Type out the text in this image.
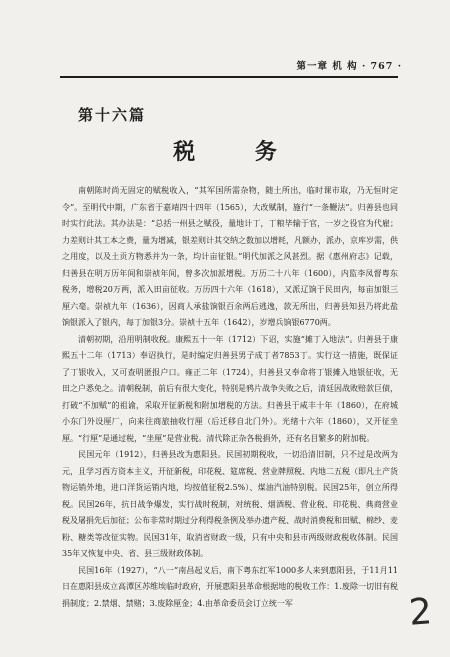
第一章 机 构 · 767 ·
第十六篇
税 务

南朝陈时尚无固定的赋税收入，“其军国所需杂物，随土所出，临时课市取，乃无恒时定令”。至明代中期，广东省于嘉靖四十四年（1565），大改赋制，施行“一条鞭法”。归善县也同时实行此法。其办法是：“总括一州县之赋役，量地计丁，丁粮毕输于官，一岁之役官为代雇；力差则计其工本之费，量为增减，银差则计其交纳之数加以增耗，凡额办，派办，京库岁需，供之用度，以及土贡方物悉并为一条，均计亩征银。”明代加派之风甚烈。据《惠州府志》记载，归善县在明万历年间和崇祯年间，曾多次加派增税。万历二十八年（1600），内监李凤督粤东税务，增税20万两，派入田亩征收。万历四十六年（1618），又派辽饷于民田内，每亩加银三厘六毫。崇祯九年（1636），因商人承盐饷银百余两后逃逸，款无所出，归善县知县乃将此盐饷银派入了银内，每丁加银3分。崇祯十五年（1642），岁增兵饷银6770两。

清朝初期，沿用明制收税。康熙五十一年（1712）下诏，实施“摊丁入地法”。归善县于康熙五十二年（1713）奉诏执行，是时编定归善县男子成丁者7853丁。实行这一措施，既保证了丁银收入，又可查明匿报户口。雍正二年（1724），归善县又奉命将丁银摊入地银征收，无田之户悉免之。清朝税制，前后有很大变化，特别是鸦片战争失败之后，清廷因战败赔款巨债，打破“不加赋”的祖谕，采取开征新税和附加增税的方法。归善县于咸丰十年（1860），在府城小东门外设厘厂，向来往商旅抽收行厘（后迁移自北门外）。光绪十六年（1860），又开征坐厘。“行厘”是通过税，“坐厘”是营业税。清代除正杂各税捐外，还有名目繁多的附加税。

民国元年（1912），归善县改为惠阳县。民国初期税收，一切沿清旧制，只不过是改两为元，且学习西方资本主义，开征新税，印花税、筵席税、营业牌照税、内地二五税（即凡土产货物运销外地，进口洋货运销内地，均按值征税2.5%）、煤油汽油特别税。民国25年，创立所得税。民国26年，抗日战争爆发，实行战时税制，对统税、烟酒税、营业税、印花税、典商营业税及屠捐先后加征；公布非常时期过分利得税条例及举办遗产税、战时消费税和田赋、棉纱、麦粉、糖类等改征实物。民国31年，取消省财政一级，只有中央和县市两级财政税收体制。民国35年又恢复中央、省、县三级财政体制。

民国16年（1927），“八一”南昌起义后，南下粤东红军1000多人来到惠阳县，于11月11日在惠阳县成立高潭区苏维埃临时政府，开展惠阳县革命根据地的税收工作：1.废除一切旧有税捐制度；2.禁烟、禁赌；3.废除厘金；4.由革命委员会订立统一军	2
